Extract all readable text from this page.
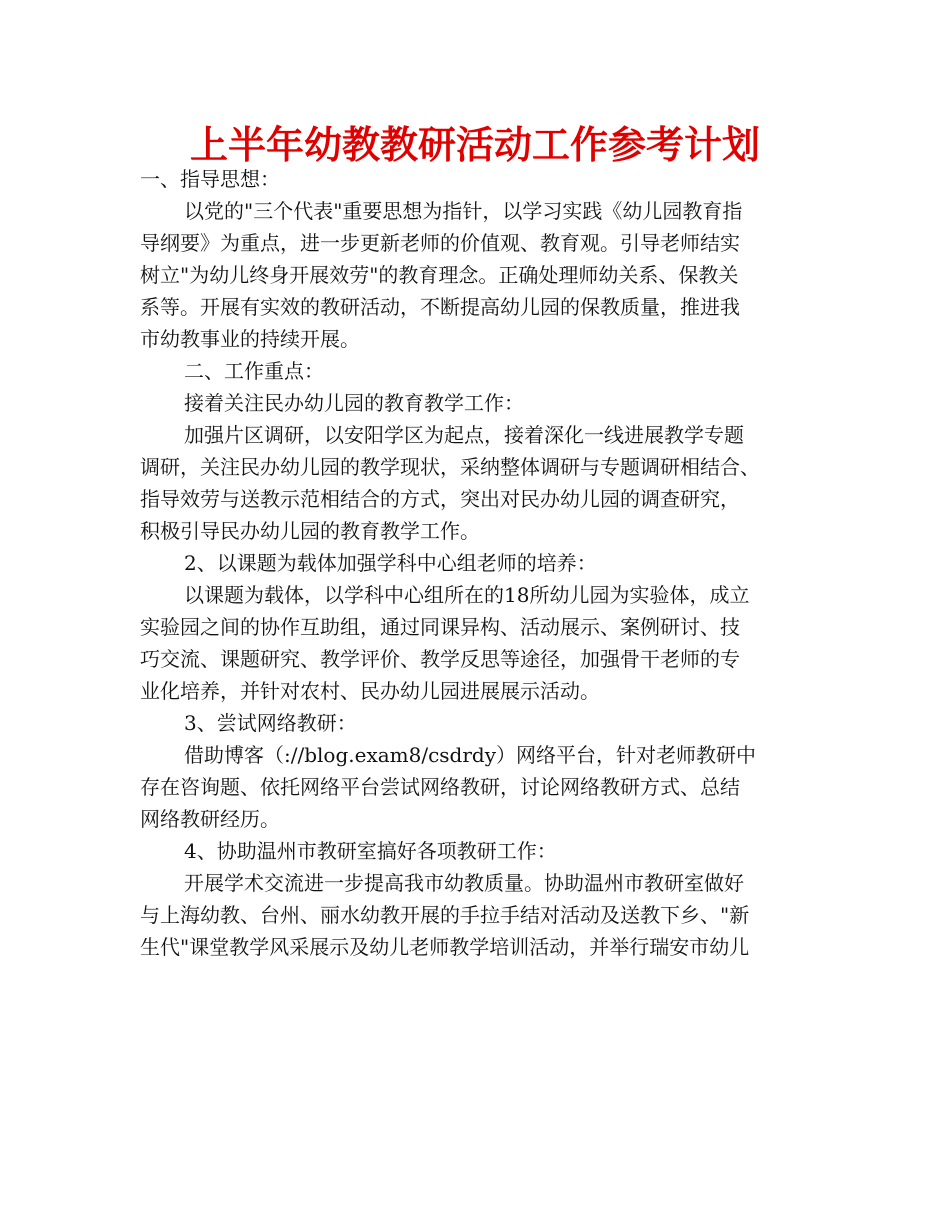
上半年幼教教研活动工作参考计划
一、指导思想：
以党的"三个代表"重要思想为指针，以学习实践《幼儿园教育指
导纲要》为重点，进一步更新老师的价值观、教育观。引导老师结实
树立"为幼儿终身开展效劳"的教育理念。正确处理师幼关系、保教关
系等。开展有实效的教研活动，不断提高幼儿园的保教质量，推进我
市幼教事业的持续开展。
二、工作重点：
接着关注民办幼儿园的教育教学工作：
加强片区调研，以安阳学区为起点，接着深化一线进展教学专题
调研，关注民办幼儿园的教学现状，采纳整体调研与专题调研相结合、
指导效劳与送教示范相结合的方式，突出对民办幼儿园的调查研究，
积极引导民办幼儿园的教育教学工作。
2、以课题为载体加强学科中心组老师的培养：
以课题为载体，以学科中心组所在的18所幼儿园为实验体，成立
实验园之间的协作互助组，通过同课异构、活动展示、案例研讨、技
巧交流、课题研究、教学评价、教学反思等途径，加强骨干老师的专
业化培养，并针对农村、民办幼儿园进展展示活动。
3、尝试网络教研：
借助博客（://blog.exam8/csdrdy）网络平台，针对老师教研中
存在咨询题、依托网络平台尝试网络教研，讨论网络教研方式、总结
网络教研经历。
4、协助温州市教研室搞好各项教研工作：
开展学术交流进一步提高我市幼教质量。协助温州市教研室做好
与上海幼教、台州、丽水幼教开展的手拉手结对活动及送教下乡、"新
生代"课堂教学风采展示及幼儿老师教学培训活动，并举行瑞安市幼儿
